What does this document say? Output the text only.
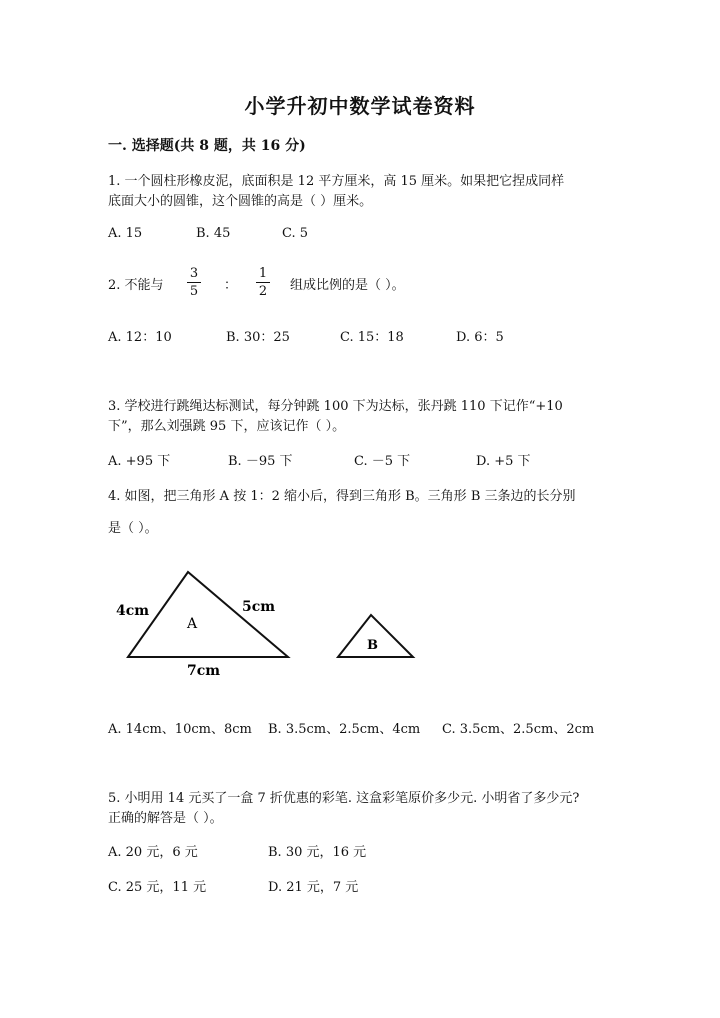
小学升初中数学试卷资料
一. 选择题(共 8 题，共 16 分)
1. 一个圆柱形橡皮泥，底面积是 12 平方厘米，高 15 厘米。如果把它捏成同样
底面大小的圆锥，这个圆锥的高是（ ）厘米。
A. 15	B. 45	C. 5
2. 不能与
3
5 ：
1
2 组成比例的是（ ）。
A. 12：10	B. 30：25	C. 15：18	D. 6：5
3. 学校进行跳绳达标测试，每分钟跳 100 下为达标，张丹跳 110 下记作“+10
下”，那么刘强跳 95 下，应该记作（ ）。
A. +95 下	B. －95 下	C. －5 下	D. +5 下
4. 如图，把三角形 A 按 1：2 缩小后，得到三角形 B。三角形 B 三条边的长分别
是（ ）。
A
B
4cm	5cm
7cm
A. 14cm、10cm、8cm B. 3.5cm、2.5cm、4cm C. 3.5cm、2.5cm、2cm
5. 小明用 14 元买了一盒 7 折优惠的彩笔. 这盒彩笔原价多少元. 小明省了多少元?
正确的解答是（ ）。
A. 20 元，6 元	B. 30 元，16 元
C. 25 元，11 元	D. 21 元，7 元
